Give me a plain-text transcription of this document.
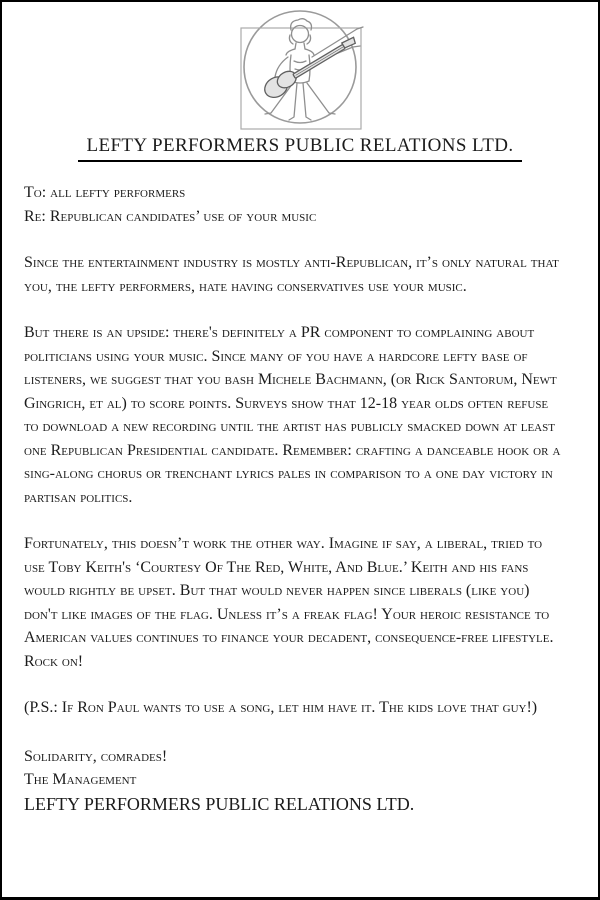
LEFTY PERFORMERS PUBLIC RELATIONS LTD.
To: all lefty performers
Re: Republican candidates’ use of your music

Since the entertainment industry is mostly anti-Republican, it’s only natural that you, the lefty performers, hate having conservatives use your music.

But there is an upside: there's definitely a PR component to complaining about politicians using your music. Since many of you have a hardcore lefty base of listeners, we suggest that you bash Michele Bachmann, (or Rick Santorum, Newt Gingrich, et al) to score points. Surveys show that 12-18 year olds often refuse to download a new recording until the artist has publicly smacked down at least one Republican Presidential candidate. Remember: crafting a danceable hook or a sing-along chorus or trenchant lyrics pales in comparison to a one day victory in partisan politics.

Fortunately, this doesn’t work the other way. Imagine if say, a liberal, tried to use Toby Keith's ‘Courtesy Of The Red, White, And Blue.’ Keith and his fans would rightly be upset. But that would never happen since liberals (like you) don't like images of the flag. Unless it’s a freak flag! Your heroic resistance to American values continues to finance your decadent, consequence-free lifestyle. Rock on!

(P.S.: If Ron Paul wants to use a song, let him have it. The kids love that guy!)

Solidarity, comrades!
The Management
LEFTY PERFORMERS PUBLIC RELATIONS LTD.
